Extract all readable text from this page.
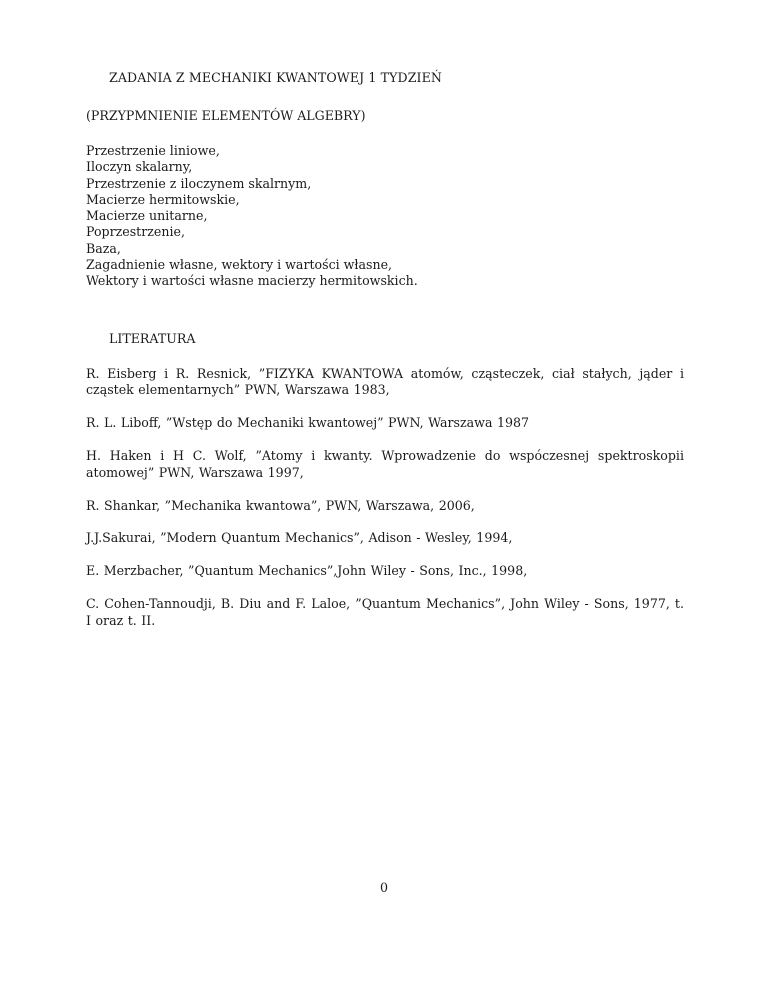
ZADANIA Z MECHANIKI KWANTOWEJ 1 TYDZIEŃ
(PRZYPMNIENIE ELEMENTÓW ALGEBRY)
Przestrzenie liniowe,
Iloczyn skalarny,
Przestrzenie z iloczynem skalrnym,
Macierze hermitowskie,
Macierze unitarne,
Poprzestrzenie,
Baza,
Zagadnienie własne, wektory i wartości własne,
Wektory i wartości własne macierzy hermitowskich.
LITERATURA
R. Eisberg i R. Resnick, ”FIZYKA KWANTOWA atomów, cząsteczek, ciał stałych, jąder i cząstek elementarnych” PWN, Warszawa 1983,
R. L. Liboff, ”Wstęp do Mechaniki kwantowej” PWN, Warszawa 1987
H. Haken i H C. Wolf, ”Atomy i kwanty. Wprowadzenie do wspóczesnej spektroskopii atomowej” PWN, Warszawa 1997,
R. Shankar, ”Mechanika kwantowa”, PWN, Warszawa, 2006,
J.J.Sakurai, ”Modern Quantum Mechanics”, Adison - Wesley, 1994,
E. Merzbacher, ”Quantum Mechanics”,John Wiley - Sons, Inc., 1998,
C. Cohen-Tannoudji, B. Diu and F. Laloe, ”Quantum Mechanics”, John Wiley - Sons, 1977, t. I oraz t. II.
0
